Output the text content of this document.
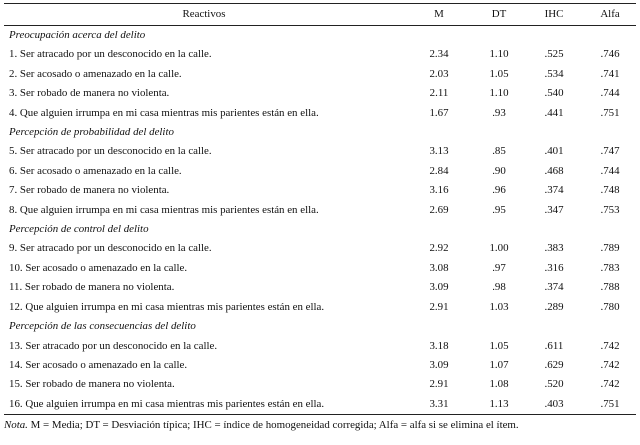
Reactivos	M	DT	IHC	Alfa
Preocupación acerca del delito				
1. Ser atracado por un desconocido en la calle.	2.34	1.10	.525	.746
2. Ser acosado o amenazado en la calle.	2.03	1.05	.534	.741
3. Ser robado de manera no violenta.	2.11	1.10	.540	.744
4. Que alguien irrumpa en mi casa mientras mis parientes están en ella.	1.67	.93	.441	.751
Percepción de probabilidad del delito				
5. Ser atracado por un desconocido en la calle.	3.13	.85	.401	.747
6. Ser acosado o amenazado en la calle.	2.84	.90	.468	.744
7. Ser robado de manera no violenta.	3.16	.96	.374	.748
8. Que alguien irrumpa en mi casa mientras mis parientes están en ella.	2.69	.95	.347	.753
Percepción de control del delito				
9. Ser atracado por un desconocido en la calle.	2.92	1.00	.383	.789
10. Ser acosado o amenazado en la calle.	3.08	.97	.316	.783
11. Ser robado de manera no violenta.	3.09	.98	.374	.788
12. Que alguien irrumpa en mi casa mientras mis parientes están en ella.	2.91	1.03	.289	.780
Percepción de las consecuencias del delito				
13. Ser atracado por un desconocido en la calle.	3.18	1.05	.611	.742
14. Ser acosado o amenazado en la calle.	3.09	1.07	.629	.742
15. Ser robado de manera no violenta.	2.91	1.08	.520	.742
16. Que alguien irrumpa en mi casa mientras mis parientes están en ella.	3.31	1.13	.403	.751
Nota. M = Media; DT = Desviación típica; IHC = índice de homogeneidad corregida; Alfa = alfa si se elimina el ítem.
